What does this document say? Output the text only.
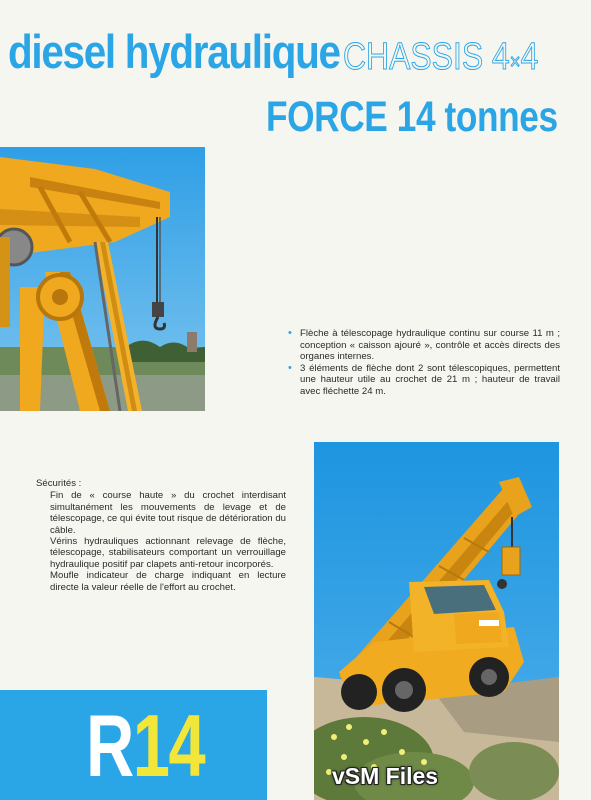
diesel hydraulique CHASSIS 4×4
FORCE 14 tonnes
• Flèche à télescopage hydraulique continu sur course 11 m ; conception « caisson ajouré », contrôle et accès directs des organes internes.
• 3 éléments de flèche dont 2 sont télescopiques, permettent une hauteur utile au crochet de 21 m ; hauteur de travail avec fléchette 24 m.
Sécurités :
Fin de « course haute » du crochet interdisant simultanément les mouvements de levage et de télescopage, ce qui évite tout risque de détérioration du câble.
Vérins hydrauliques actionnant relevage de flèche, télescopage, stabilisateurs comportant un verrouillage hydraulique positif par clapets anti-retour incorporés.
Moufle indicateur de charge indiquant en lecture directe la valeur réelle de l'effort au crochet.
R14	vSM Files
